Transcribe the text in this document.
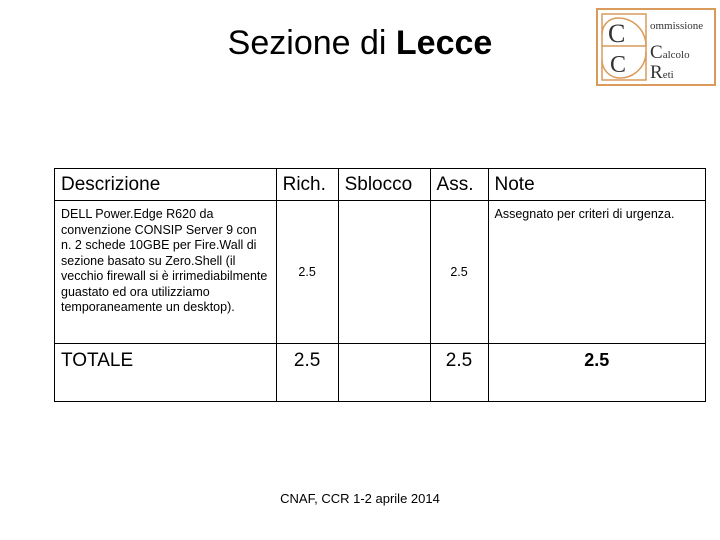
Sezione di Lecce	C
C
ommissione
Calcolo
Reti
Descrizione	Rich.	Sblocco	Ass.	Note
DELL Power.Edge R620 da convenzione CONSIP Server 9 con n. 2 schede 10GBE per Fire.Wall di sezione basato su Zero.Shell (il vecchio firewall si è irrimediabilmente guastato ed ora utilizziamo temporaneamente un desktop).	2.5		2.5	Assegnato per criteri di urgenza.
TOTALE	2.5		2.5	2.5
CNAF, CCR 1-2 aprile 2014
